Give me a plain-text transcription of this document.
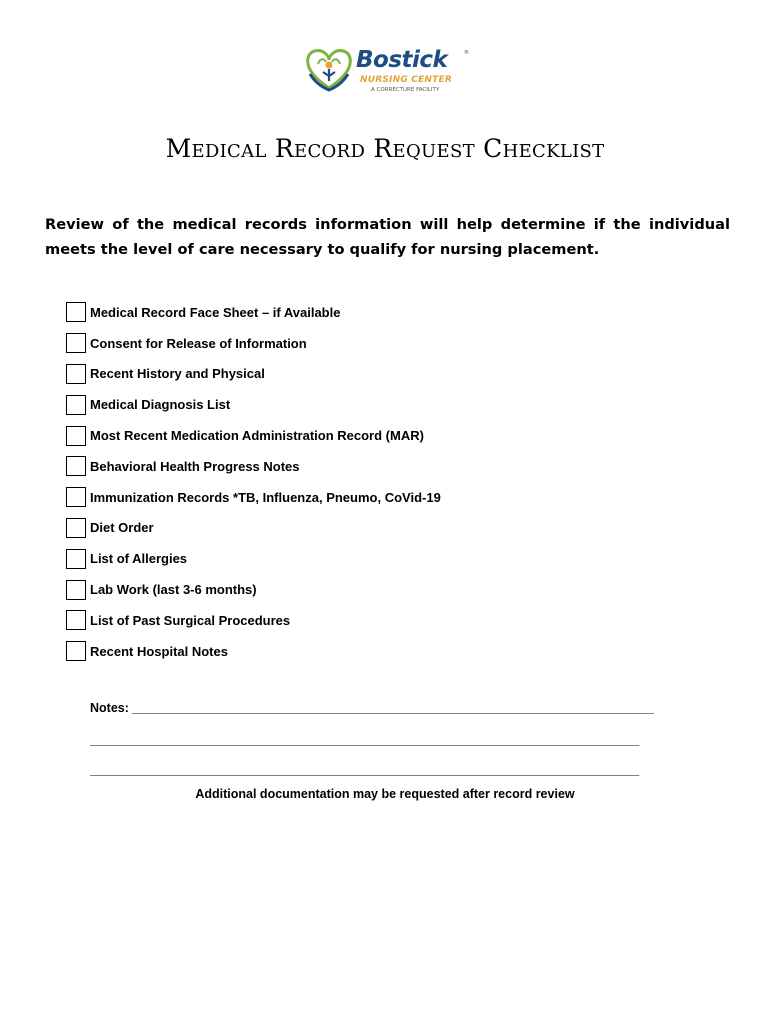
Bostick	®
NURSING CENTER
A CORRECTURE FACILITY
Medical Record Request Checklist
Review of the medical records information will help determine if the individual meets the level of care necessary to qualify for nursing placement.
Medical Record Face Sheet – if Available
Consent for Release of Information
Recent History and Physical
Medical Diagnosis List
Most Recent Medication Administration Record (MAR)
Behavioral Health Progress Notes
Immunization Records *TB, Influenza, Pneumo, CoVid-19
Diet Order
List of Allergies
Lab Work (last 3-6 months)
List of Past Surgical Procedures
Recent Hospital Notes
Notes: ___________________________________________________________________________
_______________________________________________________________________________
_______________________________________________________________________________
Additional documentation may be requested after record review
